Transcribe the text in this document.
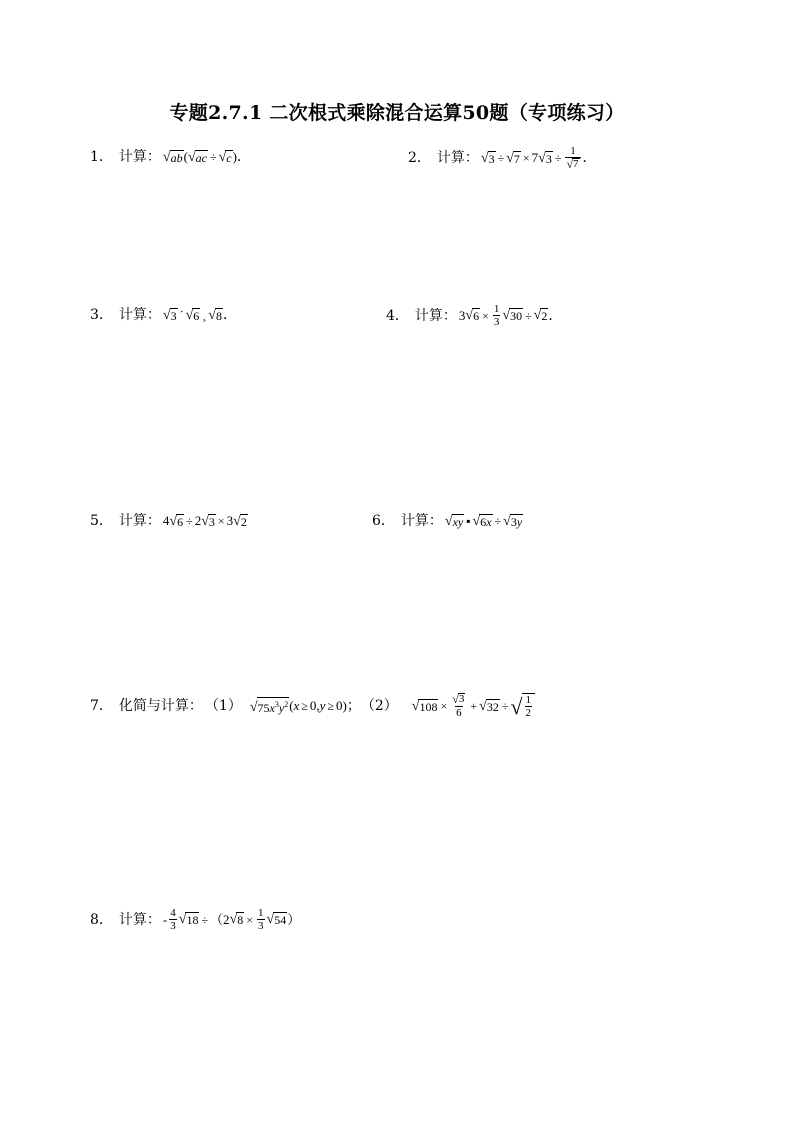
专题2.7.1 二次根式乘除混合运算50题（专项练习）
1． 计算： √ ab ( √ ac ÷ √ c ) ．	2． 计算： √ 3 ÷ √ 7 × 7 √ $3 \div \frac{1}{√ 7}$ ．
3． 计算： √ 3 ´ √ 6 ¸ √ 8 ．	4． 计算： 3 √ $6 \times \frac{1}{3}$ √ 30 ÷ √ 2 ．
5． 计算： 4 √ 6 ÷ 2 √ 3 × 3 √ 2	6． 计算： √ xy ▪ √ 6x ÷ √ 3y
7． 化简与计算： （1） √ $75x^3y^2$ ( x ≥ 0, y ≥ 0) ； （2） √ $108 \times \frac{√ 3}{6}$ + √ 32 ÷ √ $\frac{1}{2}$
8． 计算： - $\frac{4}{3}$ √ 18 ÷ （2 √ $8 \times \frac{1}{3}$ √ 54 ）
